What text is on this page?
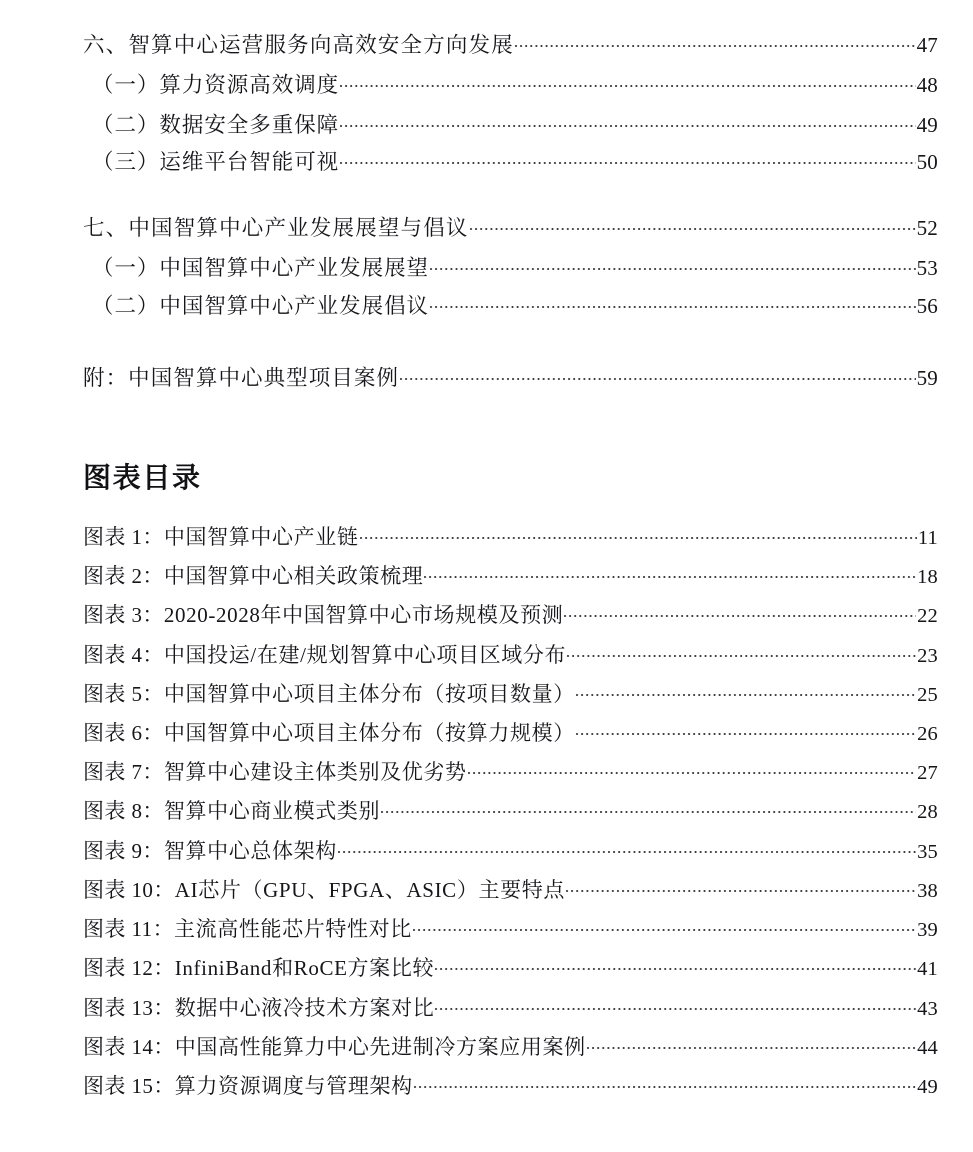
六、智算中心运营服务向高效安全方向发展	47
（一）算力资源高效调度	48
（二）数据安全多重保障	49
（三）运维平台智能可视	50
七、中国智算中心产业发展展望与倡议	52
（一）中国智算中心产业发展展望	53
（二）中国智算中心产业发展倡议	56
附：中国智算中心典型项目案例	59
图表目录
图表 1：中国智算中心产业链	11
图表 2：中国智算中心相关政策梳理	18
图表 3：2020-2028年中国智算中心市场规模及预测	22
图表 4：中国投运/在建/规划智算中心项目区域分布	23
图表 5：中国智算中心项目主体分布（按项目数量）	25
图表 6：中国智算中心项目主体分布（按算力规模）	26
图表 7：智算中心建设主体类别及优劣势	27
图表 8：智算中心商业模式类别	28
图表 9：智算中心总体架构	35
图表 10：AI芯片（GPU、FPGA、ASIC）主要特点	38
图表 11：主流高性能芯片特性对比	39
图表 12：InfiniBand和RoCE方案比较	41
图表 13：数据中心液冷技术方案对比	43
图表 14：中国高性能算力中心先进制冷方案应用案例	44
图表 15：算力资源调度与管理架构	49
